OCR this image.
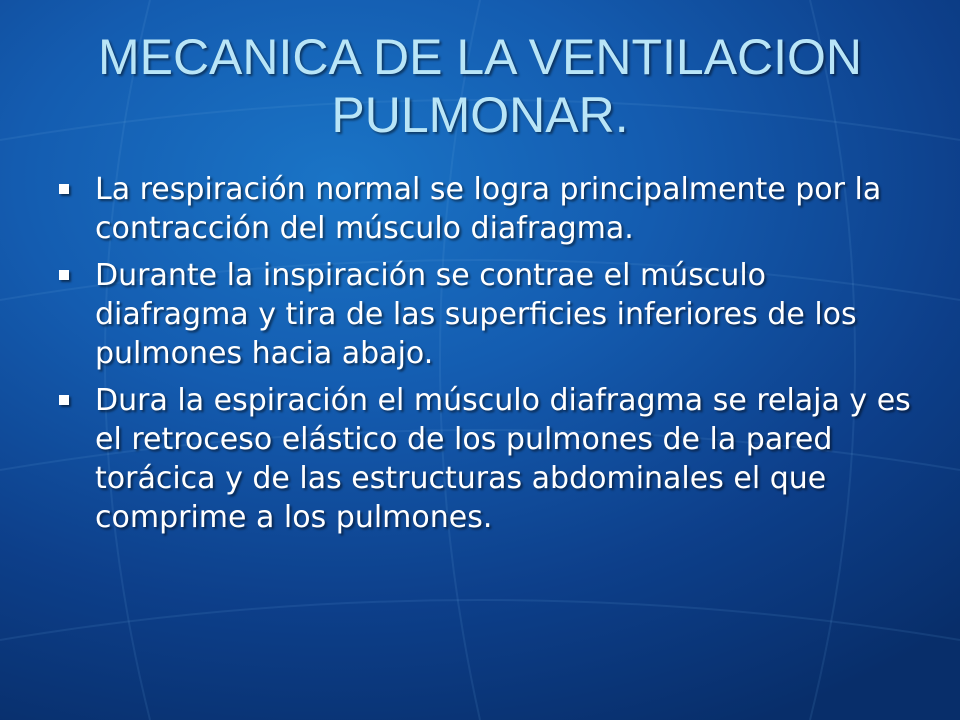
MECANICA DE LA VENTILACION
PULMONAR.
La respiración normal se logra principalmente por la contracción del músculo diafragma.
Durante la inspiración se contrae el músculo diafragma y tira de las superficies inferiores de los pulmones hacia abajo.
Dura la espiración el músculo diafragma se relaja y es el retroceso elástico de los pulmones de la pared torácica y de las estructuras abdominales el que comprime a los pulmones.
